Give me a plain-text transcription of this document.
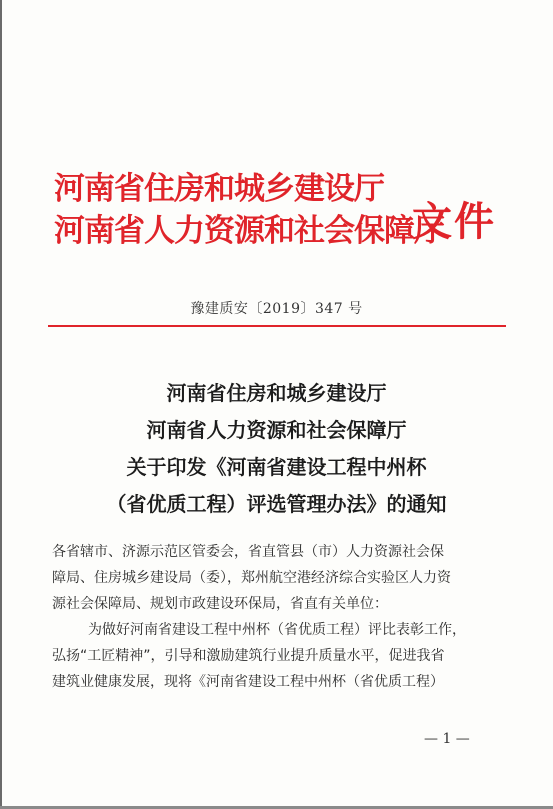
河南省住房和城乡建设厅
河南省人力资源和社会保障厅
文件
豫建质安〔2019〕347 号
河南省住房和城乡建设厅
河南省人力资源和社会保障厅
关于印发《河南省建设工程中州杯
（省优质工程）评选管理办法》的通知

各省辖市、济源示范区管委会，省直管县（市）人力资源社会保

障局、住房城乡建设局（委），郑州航空港经济综合实验区人力资

源社会保障局、规划市政建设环保局，省直有关单位：

为做好河南省建设工程中州杯（省优质工程）评比表彰工作，

弘扬“工匠精神”，引导和激励建筑行业提升质量水平，促进我省

建筑业健康发展，现将《河南省建设工程中州杯（省优质工程）

— 1 —
